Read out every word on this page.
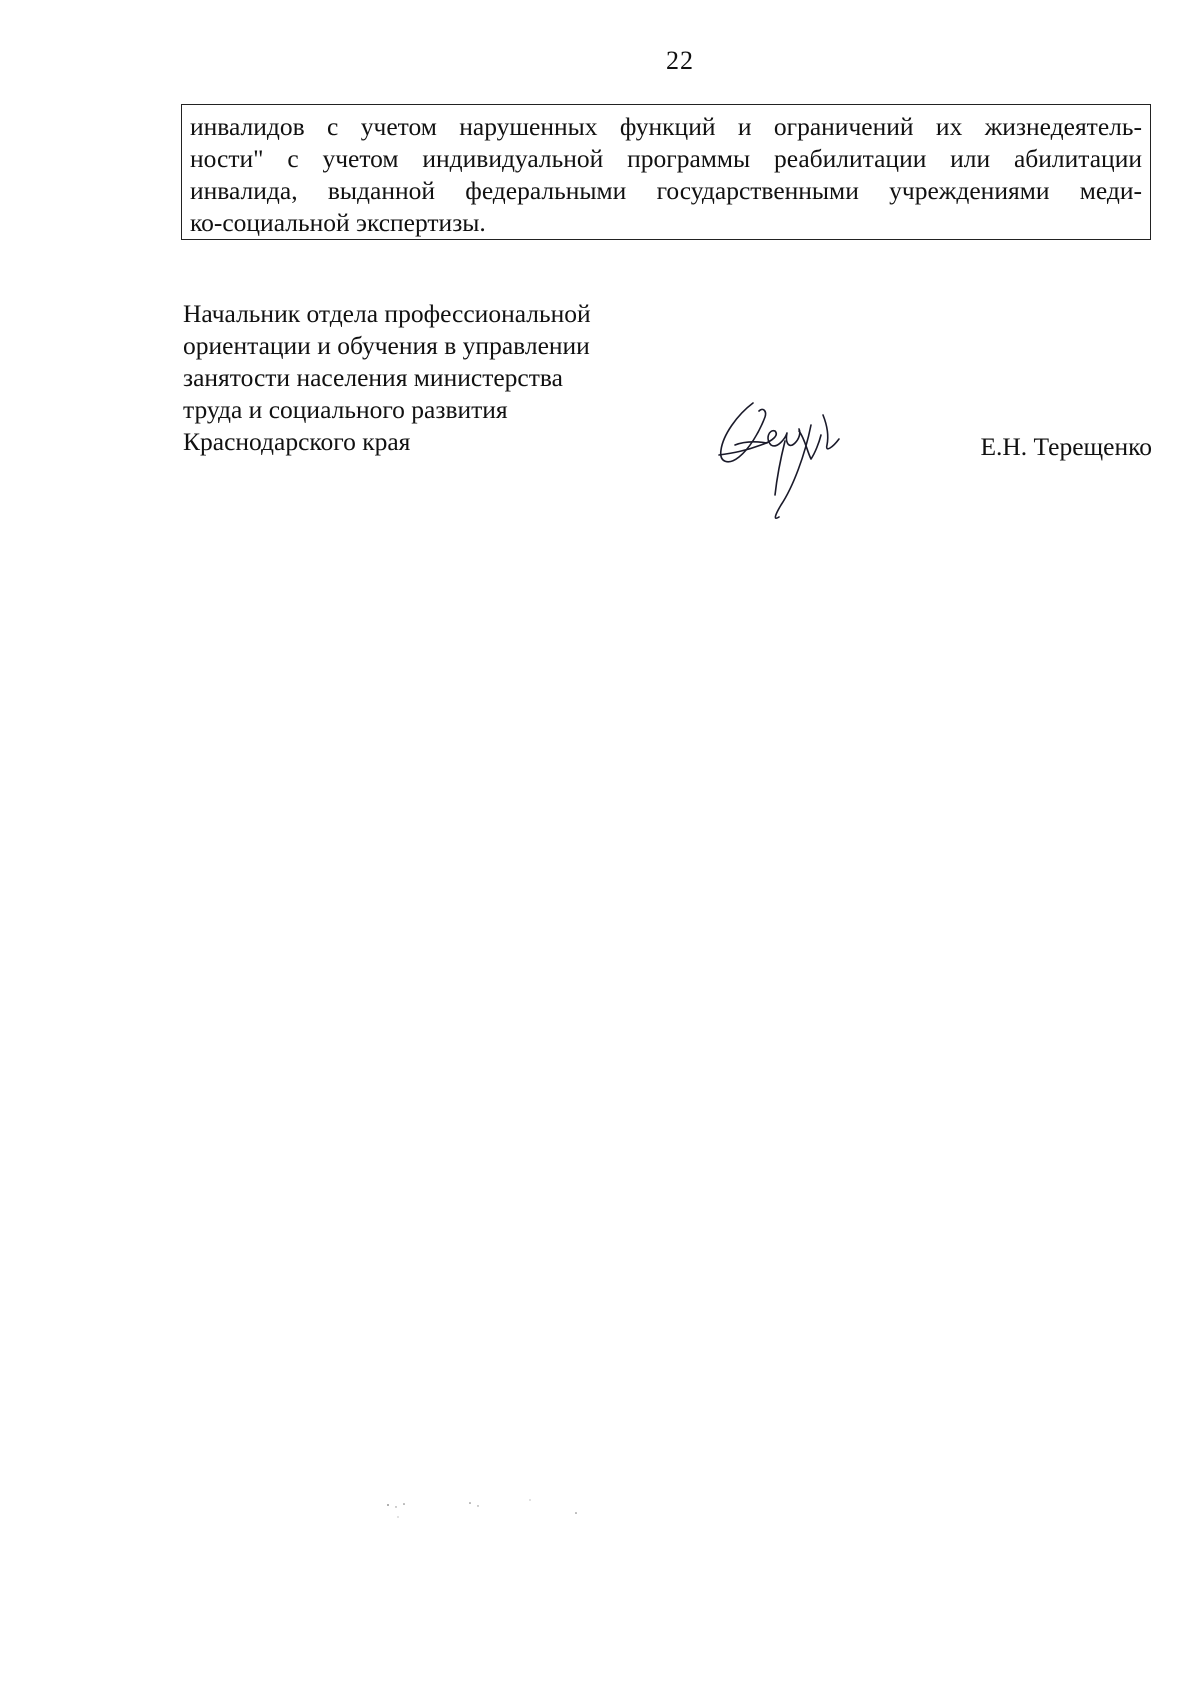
22
инвалидов с учетом нарушенных функций и ограничений их жизнедеятель-
ности" с учетом индивидуальной программы реабилитации или абилитации
инвалида, выданной федеральными государственными учреждениями меди-
ко-социальной экспертизы.
Начальник отдела профессиональной
ориентации и обучения в управлении
занятости населения министерства
труда и социального развития
Краснодарского края	Е.Н. Терещенко
